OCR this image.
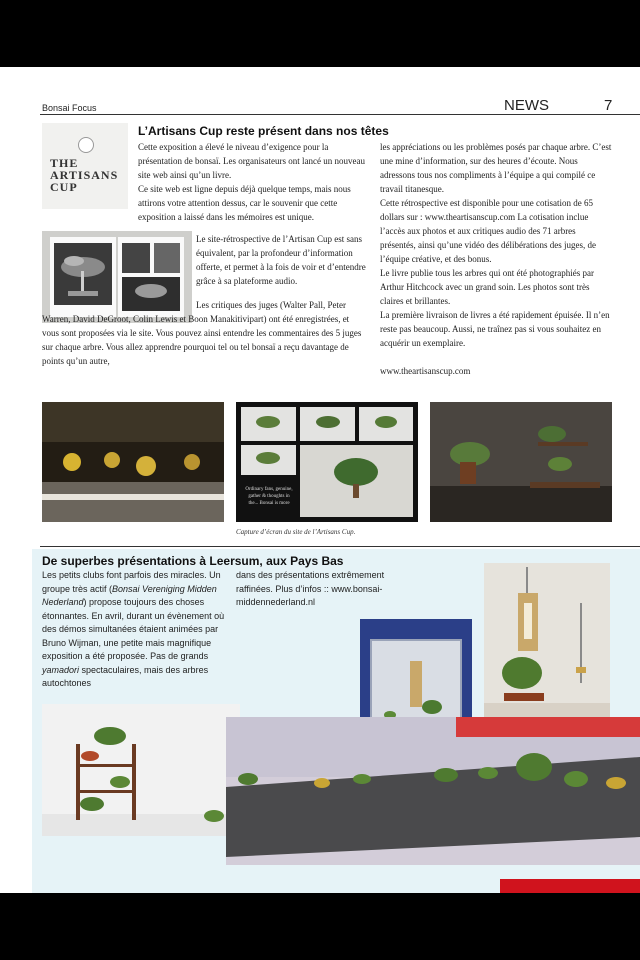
Bonsai Focus	NEWS	7
L’Artisans Cup reste présent dans nos têtes
THE
ARTISANS
CUP

Cette exposition a élevé le niveau d’exigence pour la présentation de bonsaï. Les organisateurs ont lancé un nouveau site web ainsi qu’un livre.

Ce site web est ligne depuis déjà quelque temps, mais nous attirons votre attention dessus, car le souvenir que cette exposition a laissé dans les mémoires est unique.

Le site-rétrospective de l’Artisan Cup est sans équivalent, par la profondeur d’information offerte, et permet à la fois de voir et d’entendre grâce à sa plateforme audio.

Les critiques des juges (Walter Pall, Peter Warren, David DeGroot, Colin Lewis et Boon Manakitivipart) ont été enregistrées, et vous sont proposées via le site. Vous pouvez ainsi entendre les commentaires des 5 juges sur chaque arbre. Vous allez apprendre pourquoi tel ou tel bonsaï a reçu davantage de points qu’un autre,

les appréciations ou les problèmes posés par chaque arbre. C’est une mine d’information, sur des heures d’écoute. Nous adressons tous nos compliments à l’équipe a qui compilé ce travail titanesque.

Cette rétrospective est disponible pour une cotisation de 65 dollars sur : www.theartisanscup.com La cotisation inclue l’accès aux photos et aux critiques audio des 71 arbres présentés, ainsi qu’une vidéo des délibérations des juges, de l’équipe créative, et des bonus.

Le livre publie tous les arbres qui ont été photographiés par Arthur Hitchcock avec un grand soin. Les photos sont très claires et brillantes.

La première livraison de livres a été rapidement épuisée. Il n’en reste pas beaucoup. Aussi, ne traînez pas si vous souhaitez en acquérir un exemplaire.

www.theartisanscup.com

Ordinary fans, genuine, gather & thoughts in the... Bonsai is more
Capture d’écran du site de l’Artisans Cup.
De superbes présentations à Leersum, aux Pays Bas

Les petits clubs font parfois des miracles. Un groupe très actif (Bonsai Vereniging Midden Nederland) propose toujours des choses étonnantes. En avril, durant un évènement où des démos simultanées étaient animées par Bruno Wijman, une petite mais magnifique exposition a été proposée. Pas de grands yamadori spectaculaires, mais des arbres autochtones

dans des présentations extrêmement raffinées. Plus d’infos :: www.bonsai-middennederland.nl
